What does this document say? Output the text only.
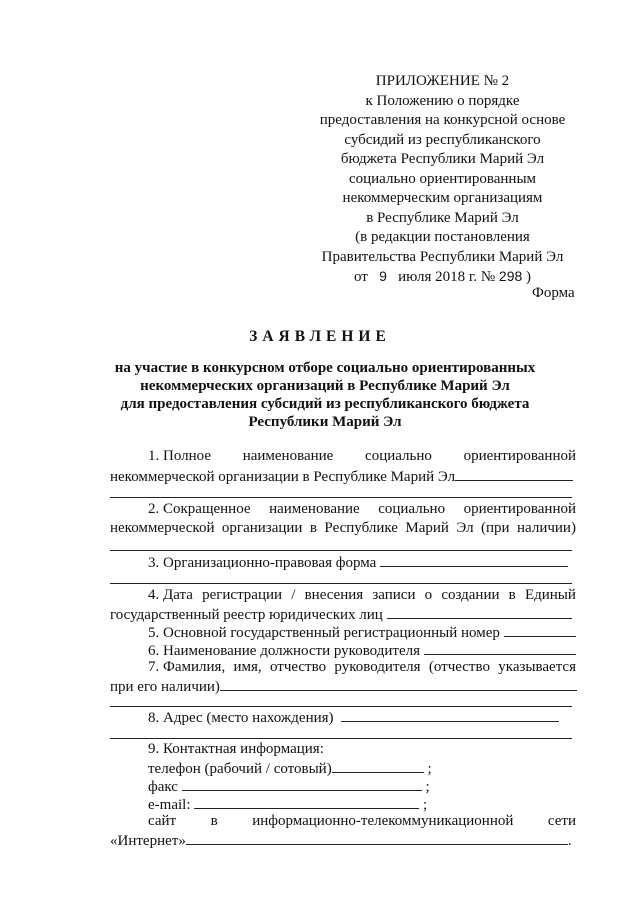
ПРИЛОЖЕНИЕ № 2
к Положению о порядке
предоставления на конкурсной основе
субсидий из республиканского
бюджета Республики Марий Эл
социально ориентированным
некоммерческим организациям
в Республике Марий Эл
(в редакции постановления
Правительства Республики Марий Эл
от 9 июля 2018 г. № 298 )
Форма
ЗАЯВЛЕНИЕ
на участие в конкурсном отборе социально ориентированных
некоммерческих организаций в Республике Марий Эл
для предоставления субсидий из республиканского бюджета
Республики Марий Эл
1. Полное наименование социально ориентированной
некоммерческой организации в Республике Марий Эл
2. Сокращенное наименование социально ориентированной
некоммерческой организации в Республике Марий Эл (при наличии)
3. Организационно-правовая форма
4. Дата регистрации / внесения записи о создании в Единый
государственный реестр юридических лиц
5. Основной государственный регистрационный номер
6. Наименование должности руководителя
7. Фамилия, имя, отчество руководителя (отчество указывается
при его наличии)
8. Адрес (место нахождения)
9. Контактная информация:
телефон (рабочий / сотовый)	;
факс	;
e-mail:	;
сайт в информационно-телекоммуникационной сети
«Интернет»	.
